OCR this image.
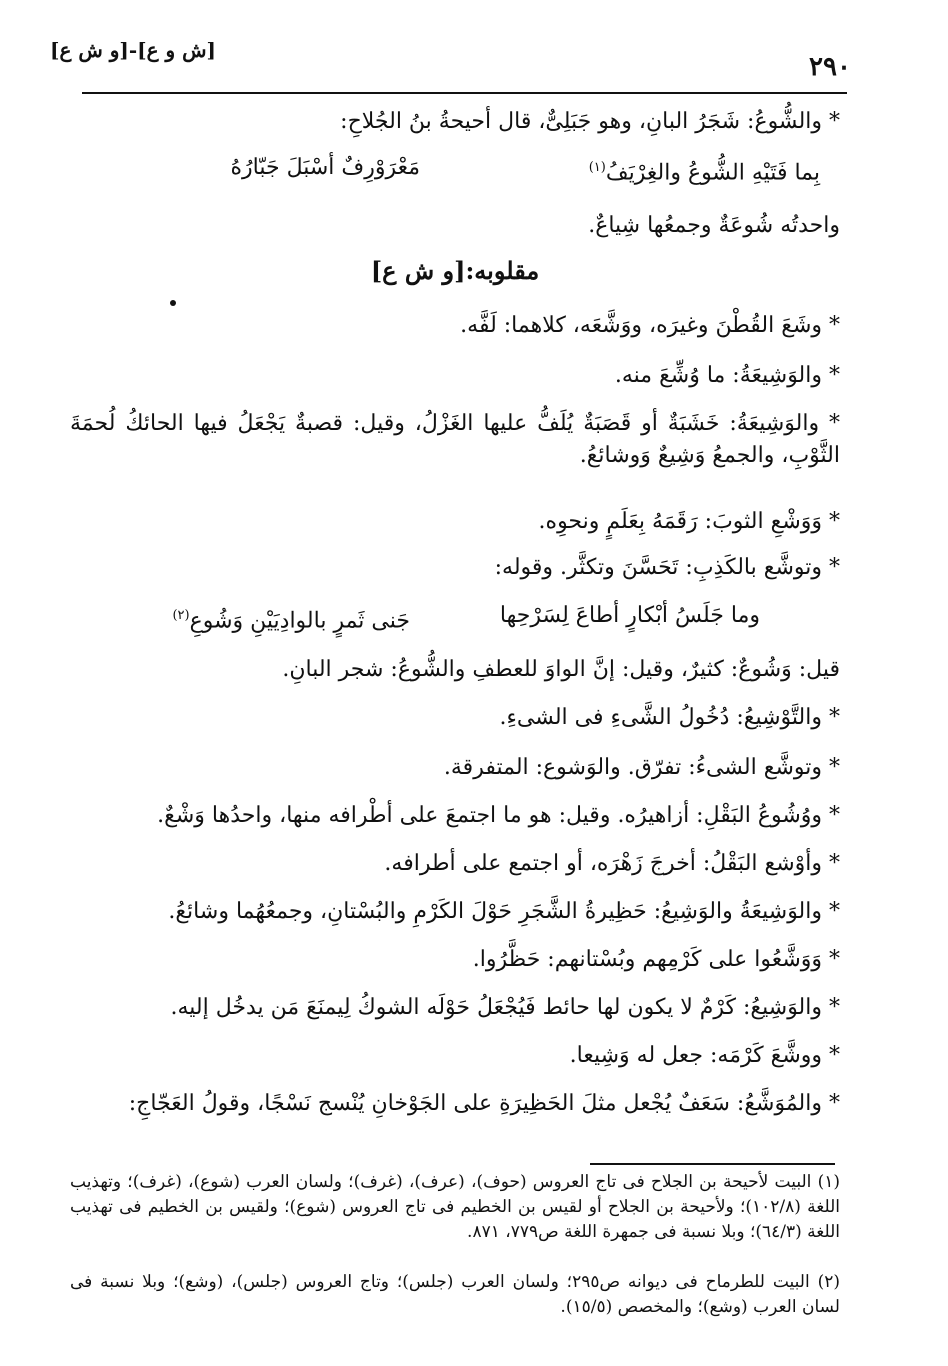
٢٩٠
[ش و ع]-[و ش ع]
* والشُّوعُ: شَجَرُ البانِ، وهو جَبَلِىٌّ، قال أحيحةُ بنُ الجُلاحِ:
بِما فَتَيْهِ الشُّوعُ والغِرْيَفُ$^{(١)}$
مَعْرَوْرِفٌ أسْبَلَ جَبّارُهُ
واحدتُه شُوعَةٌ وجمعُها شِياعٌ.
مقلوبه:[و ش ع]
* وشَعَ القُطْنَ وغيرَه، ووَشَّعَه، كلاهما: لَفَّه.
* والوَشِيعَةُ: ما وُشِّعَ منه.
* والوَشِيعَةُ: خَشَبَةٌ أو قَصَبَةٌ يُلَفُّ عليها الغَزْلُ، وقيل: قصبةٌ يَجْعَلُ فيها الحائكُ لُحمَةَ الثَّوْبِ، والجمعُ وَشِيعٌ وَوشائعُ.
* وَوَشْعِ الثوبَ: رَقَمَهُ بِعَلَمٍ ونحوِه.
* وتوشَّع بالكَذِبِ: تَحَسَّنَ وتكثَّر. وقوله:
وما جَلَسُ أبْكارٍ أطاعَ لِسَرْحِها
جَنى ثَمرٍ بالوادِيَيْنِ وَشُوعِ$^{(٢)}$
قيل: وَشُوعٌ: كثيرٌ، وقيل: إنَّ الواوَ للعطفِ والشُّوعُ: شجر البانِ.
* والتَّوْشِيعُ: دُخُولُ الشَّىءِ فى الشىءِ.
* وتوشَّع الشىءُ: تفرّق. والوَشوع: المتفرقة.
* ووُشُوعُ البَقْلِ: أزاهيرُه. وقيل: هو ما اجتمعَ على أطْرافه منها، واحدُها وَشْعٌ.
* وأوْشع البَقْلُ: أخرجَ زَهْرَه، أو اجتمع على أطرافه.
* والوَشِيعَةُ والوَشِيعُ: حَظِيرةُ الشَّجَرِ حَوْلَ الكَرْمِ والبُسْتانِ، وجمعُهُما وشائعُ.
* وَوَشَّعُوا على كَرْمِهم وبُسْتانهم: حَظَّرُوا.
* والوَشِيعُ: كَرْمٌ لا يكون لها حائط فَيُجْعَلُ حَوْلَه الشوكُ لِيمنَعَ مَن يدخُل إليه.
* ووشَّعَ كَرْمَه: جعل له وَشِيعا.
* والمُوَشَّعُ: سَعَفٌ يُجْعل مثلَ الحَظِيرَةِ على الجَوْخانِ يُنْسج نَسْجًا، وقولُ العَجّاجِ:
(١) البيت لأحيحة بن الجلاح فى تاج العروس (حوف)، (عرف)، (غرف)؛ ولسان العرب (شوع)، (غرف)؛ وتهذيب اللغة (١٠٢/٨)؛ ولأحيحة بن الجلاح أو لقيس بن الخطيم فى تاج العروس (شوع)؛ ولقيس بن الخطيم فى تهذيب اللغة (٦٤/٣)؛ وبلا نسبة فى جمهرة اللغة ص٧٧٩، ٨٧١.
(٢) البيت للطرماح فى ديوانه ص٢٩٥؛ ولسان العرب (جلس)؛ وتاج العروس (جلس)، (وشع)؛ وبلا نسبة فى لسان العرب (وشع)؛ والمخصص (١٥/٥).
